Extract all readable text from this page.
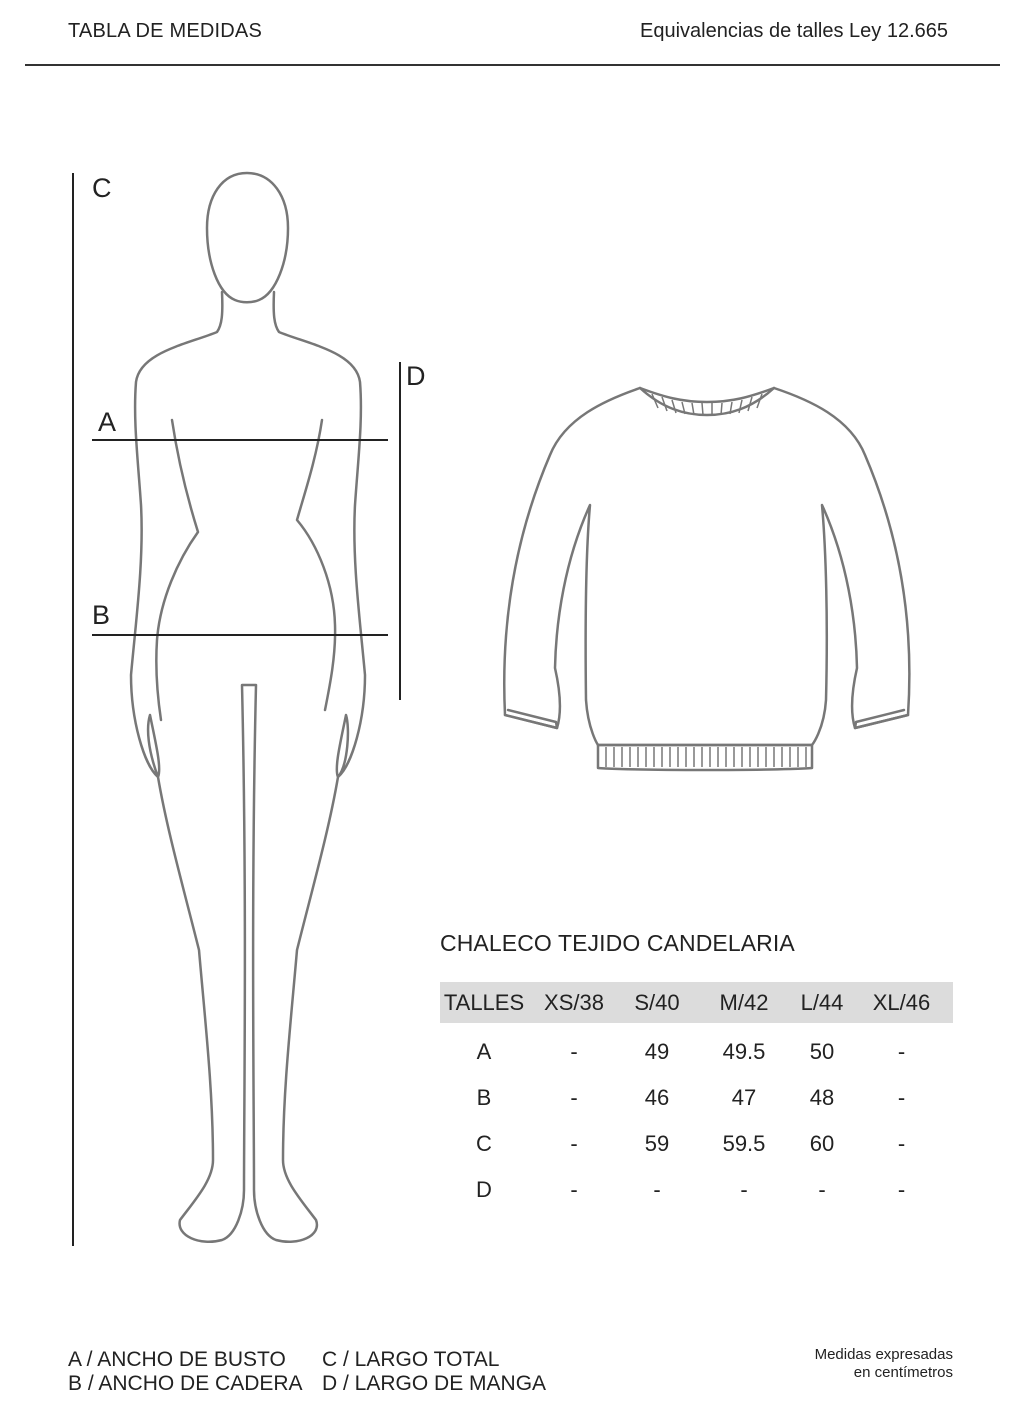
TABLA DE MEDIDAS	Equivalencias de talles Ley 12.665
C
D
A
B
CHALECO TEJIDO CANDELARIA
TALLES	XS/38	S/40	M/42	L/44	XL/46
A	-	49	49.5	50	-
B	-	46	47	48	-
C	-	59	59.5	60	-
D	-	-	-	-	-
A / ANCHO DE BUSTO
B / ANCHO DE CADERA
C / LARGO TOTAL
D / LARGO DE MANGA
Medidas expresadas
en centímetros
